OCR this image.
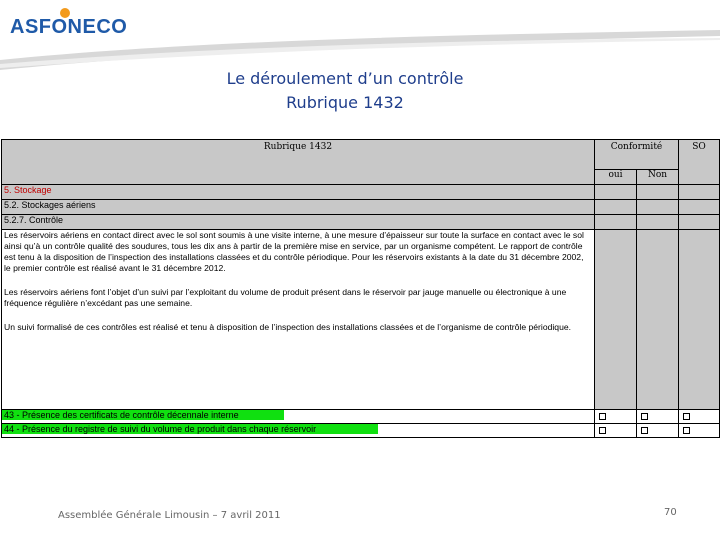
ASFONECO
Le déroulement d’un contrôle
Rubrique 1432
Rubrique 1432	Conformité		SO
	oui	Non	
5. Stockage			
5.2. Stockages aériens			
5.2.7. Contrôle			

Les réservoirs aériens en contact direct avec le sol sont soumis à une visite interne, à une mesure d’épaisseur sur toute la surface en contact avec le sol ainsi qu’à un contrôle qualité des soudures, tous les dix ans à partir de la première mise en service, par un organisme compétent. Le rapport de contrôle est tenu à la disposition de l’inspection des installations classées et du contrôle périodique. Pour les réservoirs existants à la date du 31 décembre 2002, le premier contrôle est réalisé avant le 31 décembre 2012.

Les réservoirs aériens font l’objet d’un suivi par l’exploitant du volume de produit présent dans le réservoir par jauge manuelle ou électronique à une fréquence régulière n’excédant pas une semaine.

Un suivi formalisé de ces contrôles est réalisé et tenu à disposition de l’inspection des installations classées et de l’organisme de contrôle périodique.			

43 - Présence des certificats de contrôle décennale interne			
44 - Présence du registre de suivi du volume de produit dans chaque réservoir			
Assemblée Générale Limousin – 7 avril 2011	70
